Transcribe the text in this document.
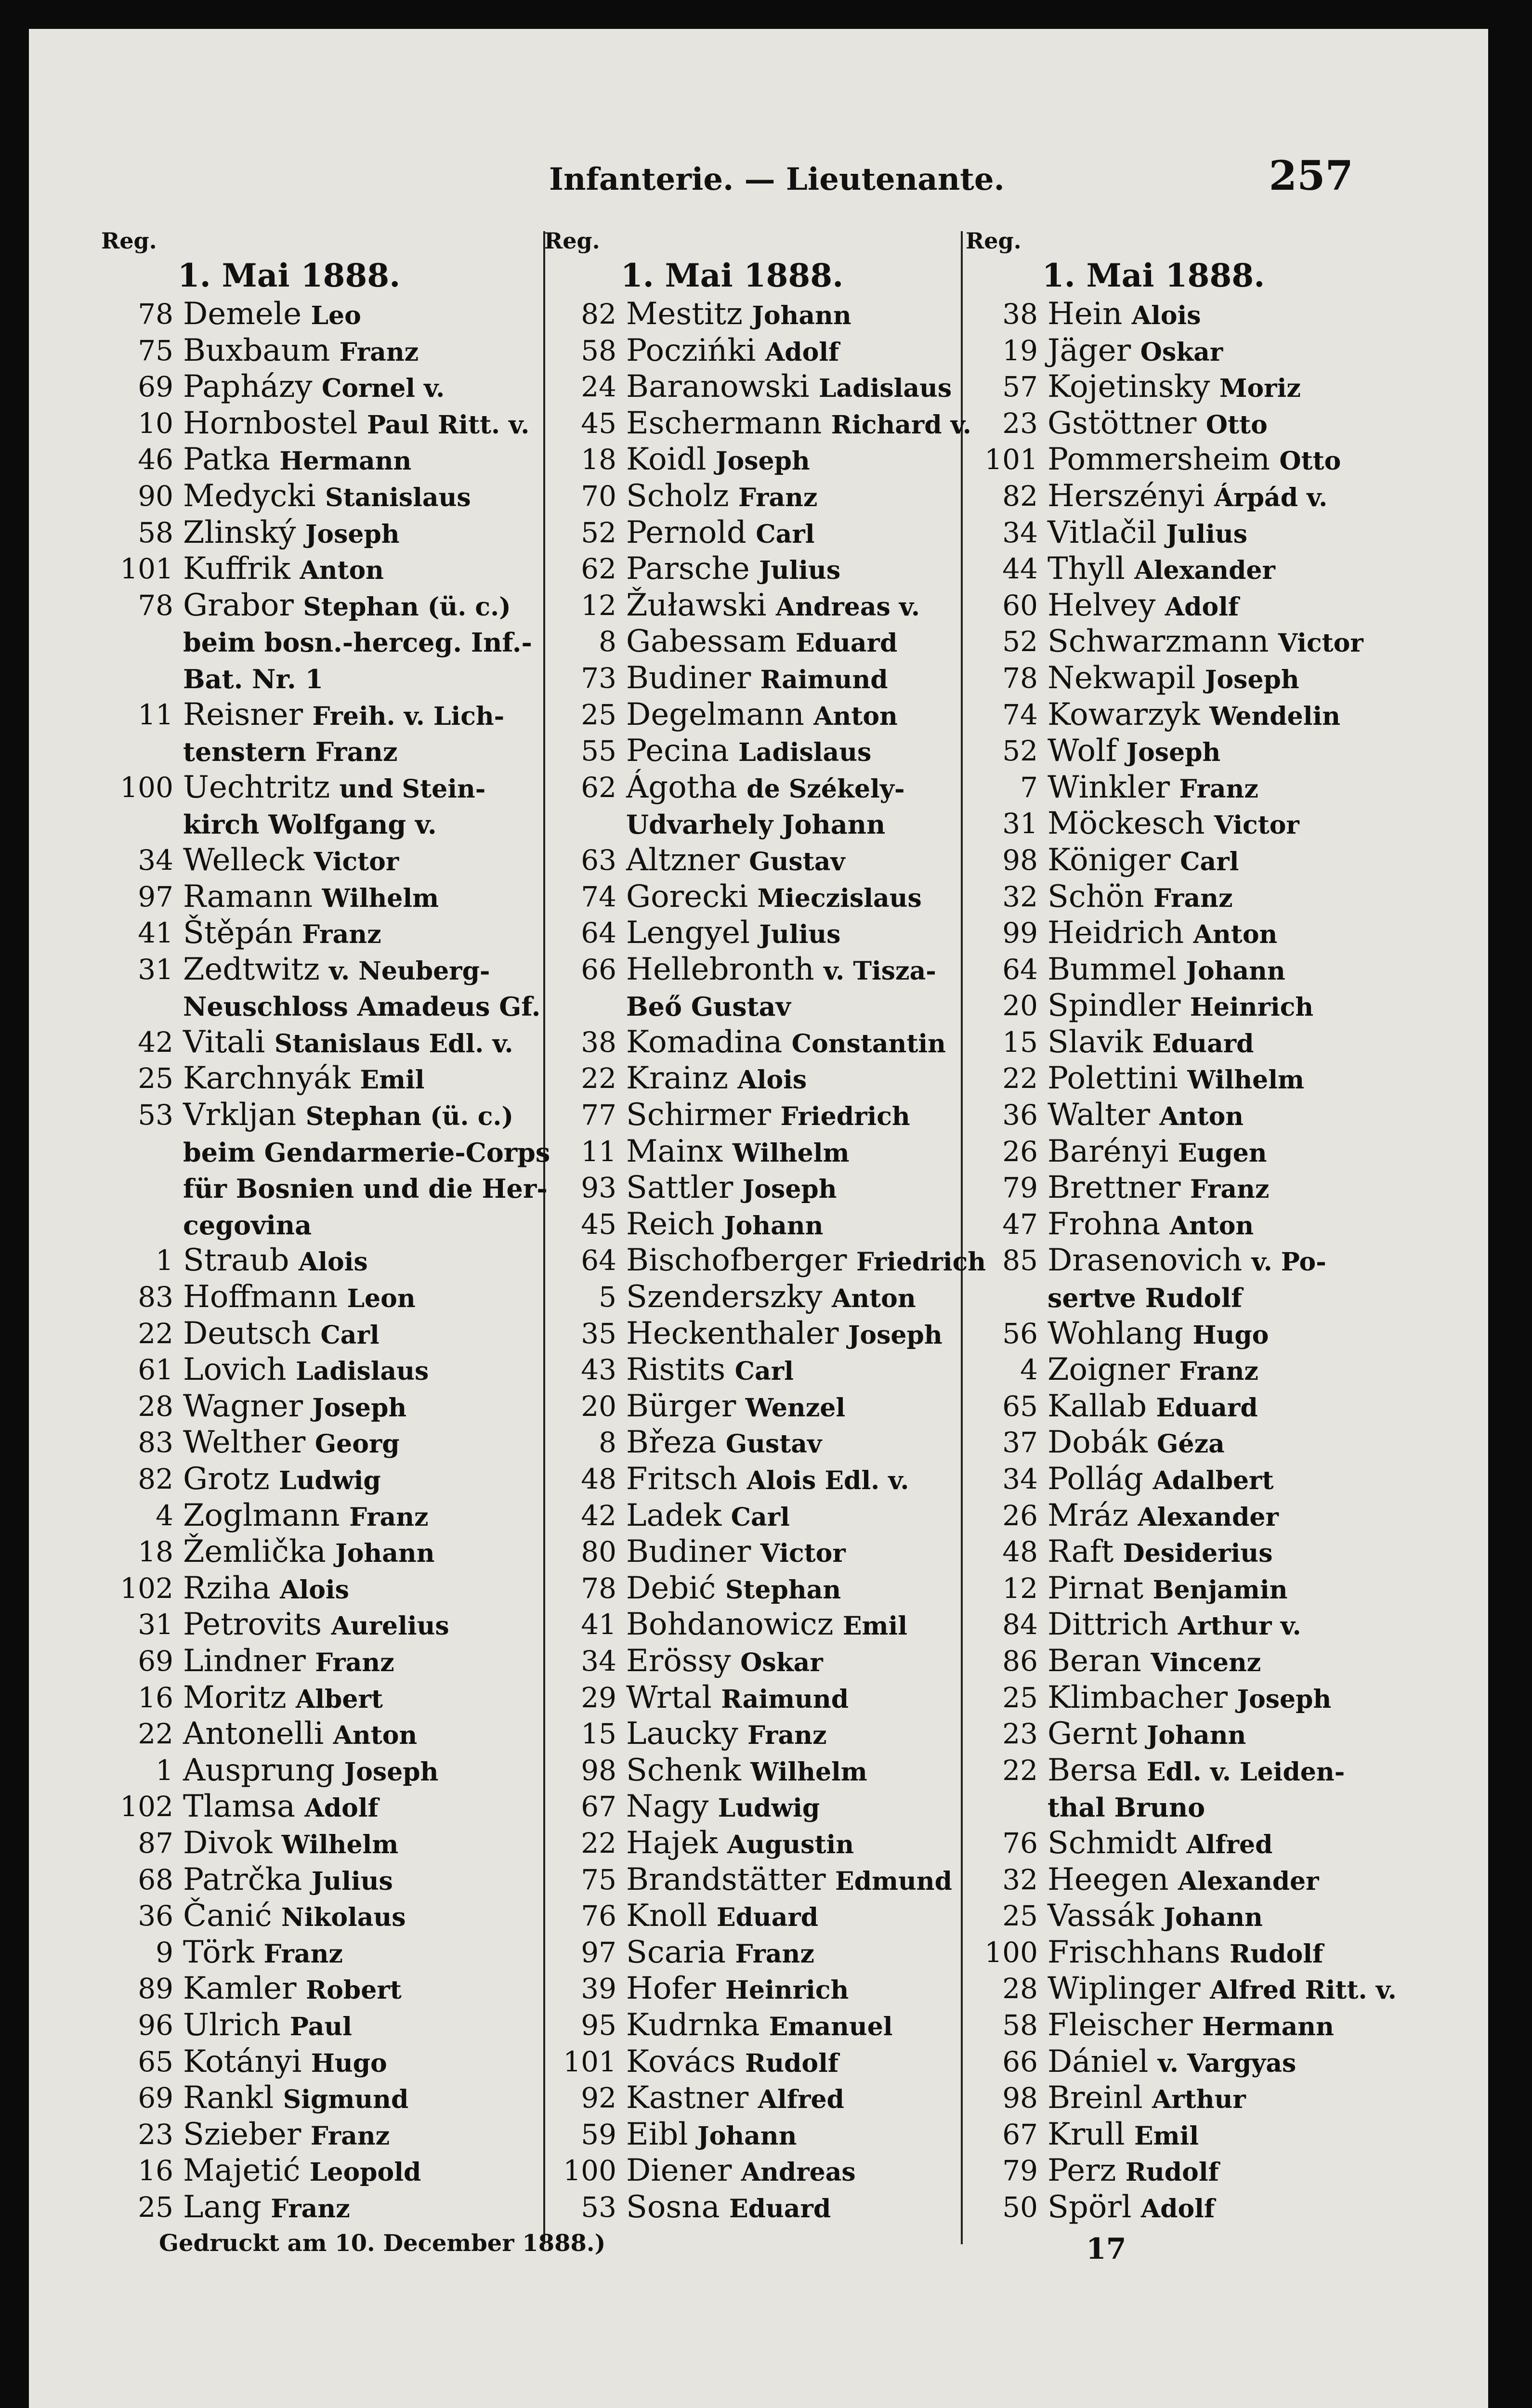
Infanterie. — Lieutenante.	257
Reg.
1. Mai 1888.
78 Demele Leo
75 Buxbaum Franz
69 Papházy Cornel v.
10 Hornbostel Paul Ritt. v.
46 Patka Hermann
90 Medycki Stanislaus
58 Zlinský Joseph
101 Kuffrik Anton
78 Grabor Stephan (ü. c.)
beim bosn.-herceg. Inf.-
Bat. Nr. 1
11 Reisner Freih. v. Lich-
tenstern Franz
100 Uechtritz und Stein-
kirch Wolfgang v.
34 Welleck Victor
97 Ramann Wilhelm
41 Štěpán Franz
31 Zedtwitz v. Neuberg-
Neuschloss Amadeus Gf.
42 Vitali Stanislaus Edl. v.
25 Karchnyák Emil
53 Vrkljan Stephan (ü. c.)
beim Gendarmerie-Corps
für Bosnien und die Her-
cegovina
1 Straub Alois
83 Hoffmann Leon
22 Deutsch Carl
61 Lovich Ladislaus
28 Wagner Joseph
83 Welther Georg
82 Grotz Ludwig
4 Zoglmann Franz
18 Žemlička Johann
102 Rziha Alois
31 Petrovits Aurelius
69 Lindner Franz
16 Moritz Albert
22 Antonelli Anton
1 Ausprung Joseph
102 Tlamsa Adolf
87 Divok Wilhelm
68 Patrčka Julius
36 Čanić Nikolaus
9 Törk Franz
89 Kamler Robert
96 Ulrich Paul
65 Kotányi Hugo
69 Rankl Sigmund
23 Szieber Franz
16 Majetić Leopold
25 Lang Franz
Reg.
1. Mai 1888.
82 Mestitz Johann
58 Poczińki Adolf
24 Baranowski Ladislaus
45 Eschermann Richard v.
18 Koidl Joseph
70 Scholz Franz
52 Pernold Carl
62 Parsche Julius
12 Žuławski Andreas v.
8 Gabessam Eduard
73 Budiner Raimund
25 Degelmann Anton
55 Pecina Ladislaus
62 Ágotha de Székely-
Udvarhely Johann
63 Altzner Gustav
74 Gorecki Mieczislaus
64 Lengyel Julius
66 Hellebronth v. Tisza-
Beő Gustav
38 Komadina Constantin
22 Krainz Alois
77 Schirmer Friedrich
11 Mainx Wilhelm
93 Sattler Joseph
45 Reich Johann
64 Bischofberger Friedrich
5 Szenderszky Anton
35 Heckenthaler Joseph
43 Ristits Carl
20 Bürger Wenzel
8 Březa Gustav
48 Fritsch Alois Edl. v.
42 Ladek Carl
80 Budiner Victor
78 Debić Stephan
41 Bohdanowicz Emil
34 Erössy Oskar
29 Wrtal Raimund
15 Laucky Franz
98 Schenk Wilhelm
67 Nagy Ludwig
22 Hajek Augustin
75 Brandstätter Edmund
76 Knoll Eduard
97 Scaria Franz
39 Hofer Heinrich
95 Kudrnka Emanuel
101 Kovács Rudolf
92 Kastner Alfred
59 Eibl Johann
100 Diener Andreas
53 Sosna Eduard
Reg.
1. Mai 1888.
38 Hein Alois
19 Jäger Oskar
57 Kojetinsky Moriz
23 Gstöttner Otto
101 Pommersheim Otto
82 Herszényi Árpád v.
34 Vitlačil Julius
44 Thyll Alexander
60 Helvey Adolf
52 Schwarzmann Victor
78 Nekwapil Joseph
74 Kowarzyk Wendelin
52 Wolf Joseph
7 Winkler Franz
31 Möckesch Victor
98 Königer Carl
32 Schön Franz
99 Heidrich Anton
64 Bummel Johann
20 Spindler Heinrich
15 Slavik Eduard
22 Polettini Wilhelm
36 Walter Anton
26 Barényi Eugen
79 Brettner Franz
47 Frohna Anton
85 Drasenovich v. Po-
sertve Rudolf
56 Wohlang Hugo
4 Zoigner Franz
65 Kallab Eduard
37 Dobák Géza
34 Pollág Adalbert
26 Mráz Alexander
48 Raft Desiderius
12 Pirnat Benjamin
84 Dittrich Arthur v.
86 Beran Vincenz
25 Klimbacher Joseph
23 Gernt Johann
22 Bersa Edl. v. Leiden-
thal Bruno
76 Schmidt Alfred
32 Heegen Alexander
25 Vassák Johann
100 Frischhans Rudolf
28 Wiplinger Alfred Ritt. v.
58 Fleischer Hermann
66 Dániel v. Vargyas
98 Breinl Arthur
67 Krull Emil
79 Perz Rudolf
50 Spörl Adolf
Gedruckt am 10. December 1888.)	17
